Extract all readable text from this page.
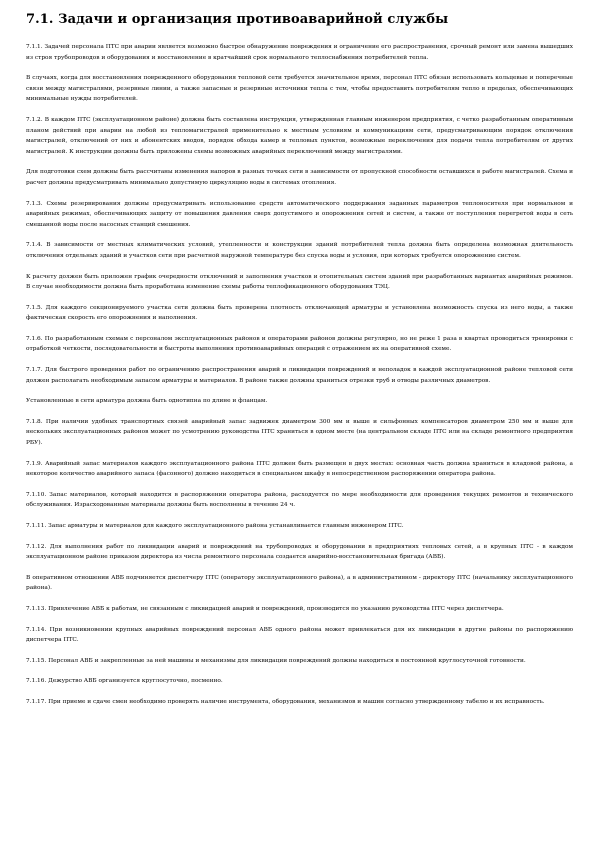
7.1. Задачи и организация противоаварийной службы

7.1.1. Задачей персонала ПТС при аварии является возможно быстрое обнаружение повреждения и ограничение его распространения, срочный ремонт или замена вышедших из строя трубопроводов и оборудования и восстановление в кратчайший срок нормального теплоснабжения потребителей тепла.

В случаях, когда для восстановления поврежденного оборудования тепловой сети требуется значительное время, персонал ПТС обязан использовать кольцевые и поперечные связи между магистралями, резервные линии, а также запасные и резервные источники тепла с тем, чтобы предоставить потребителям тепло в пределах, обеспечивающих минимальные нужды потребителей.

7.1.2. В каждом ПТС (эксплуатационном районе) должна быть составлена инструкция, утвержденная главным инженером предприятия, с четко разработанным оперативным планом действий при аварии на любой из тепломагистралей применительно к местным условиям и коммуникациям сети, предусматривающим порядок отключения магистралей, отключений от них и абонентских вводов, порядок обхода камер и тепловых пунктов, возможные переключения для подачи тепла потребителям от других магистралей. К инструкции должны быть приложены схемы возможных аварийных переключений между магистралями.

Для подготовки схем должны быть рассчитаны изменения напоров в разных точках сети в зависимости от пропускной способности оставшихся в работе магистралей. Схема и расчет должны предусматривать минимально допустимую циркуляцию воды в системах отопления.

7.1.3. Схемы резервирования должны предусматривать использование средств автоматического поддержания заданных параметров теплоносителя при нормальном и аварийных режимах, обеспечивающих защиту от повышения давления сверх допустимого и опорожнения сетей и систем, а также от поступления перегретой воды в сеть смешанной воды после насосных станций смешения.

7.1.4. В зависимости от местных климатических условий, утепленности и конструкции зданий потребителей тепла должна быть определена возможная длительность отключения отдельных зданий и участков сети при расчетной наружной температуре без спуска воды и условия, при которых требуется опорожнение систем.

К расчету должен быть приложен график очередности отключений и заполнения участков и отопительных систем зданий при разработанных вариантах аварийных режимов. В случае необходимости должна быть проработана изменение схемы работы теплофикационного оборудования ТЭЦ.

7.1.5. Для каждого секционируемого участка сети должна быть проверена плотность отключающей арматуры и установлена возможность спуска из него воды, а также фактическая скорость его опорожнения и наполнения.

7.1.6. По разработанным схемам с персоналом эксплуатационных районов и операторами районов должны регулярно, но не реже 1 раза в квартал проводиться тренировки с отработкой четкости, последовательности и быстроты выполнения противоаварийных операций с отражением их на оперативной схеме.

7.1.7. Для быстрого проведения работ по ограничению распространения аварий и ликвидации повреждений и неполадок в каждой эксплуатационной районе тепловой сети должен располагать необходимым запасом арматуры и материалов. В районе также должны храниться отрезки труб и отводы различных диаметров.

Установленные в сети арматура должна быть однотипна по длине и фланцам.

7.1.8. При наличии удобных транспортных связей аварийный запас задвижек диаметром 300 мм и выше и сильфонных компенсаторов диаметром 250 мм и выше для нескольких эксплуатационных районов может по усмотрению руководства ПТС храниться в одном месте (на центральном складе ПТС или на складе ремонтного предприятия РБУ).

7.1.9. Аварийный запас материалов каждого эксплуатационного района ПТС должен быть размещен в двух местах: основная часть должна храниться в кладовой района, а некоторое количество аварийного запаса (фасонного) должно находиться в специальном шкафу в непосредственном распоряжении оператора района.

7.1.10. Запас материалов, который находится в распоряжении оператора района, расходуется по мере необходимости для проведения текущих ремонтов и технического обслуживания. Израсходованные материалы должны быть восполнены в течение 24 ч.

7.1.11. Запас арматуры и материалов для каждого эксплуатационного района устанавливается главным инженером ПТС.

7.1.12. Для выполнения работ по ликвидации аварий и повреждений на трубопроводах и оборудовании в предприятиях тепловых сетей, а в крупных ПТС - в каждом эксплуатационном районе приказом директора из числа ремонтного персонала создается аварийно-восстановительная бригада (АВБ).

В оперативном отношении АВБ подчиняется диспетчеру ПТС (оператору эксплуатационного района), а в административном - директору ПТС (начальнику эксплуатационного района).

7.1.13. Привлечение АВБ к работам, не связанным с ликвидацией аварий и повреждений, производится по указанию руководства ПТС через диспетчера.

7.1.14. При возникновении крупных аварийных повреждений персонал АВБ одного района может привлекаться для их ликвидации в другие районы по распоряжению диспетчера ПТС.

7.1.15. Персонал АВБ и закрепленные за ней машины и механизмы для ликвидации повреждений должны находиться в постоянной круглосуточной готовности.

7.1.16. Дежурство АВБ организуется круглосуточно, посменно.

7.1.17. При приеме и сдаче смен необходимо проверять наличие инструмента, оборудования, механизмов и машин согласно утвержденному табелю и их исправность.
